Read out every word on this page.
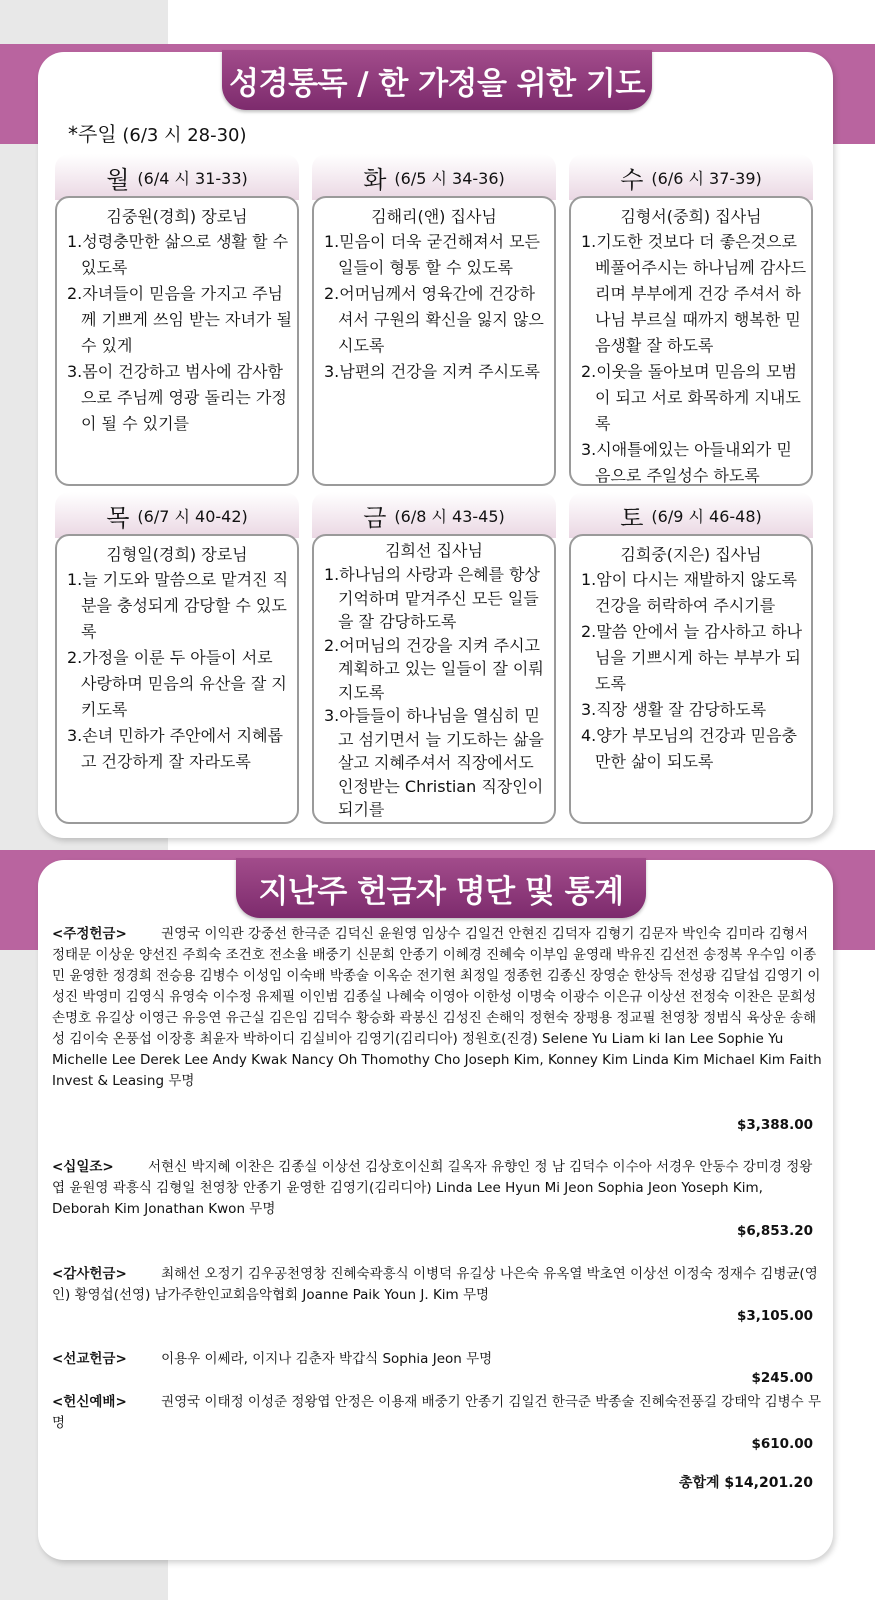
성경통독 / 한 가정을 위한 기도
*주일 (6/3 시 28-30)
월 (6/4 시 31-33)
김중원(경희) 장로님
1.성령충만한 삶으로 생활 할 수 있도록
2.자녀들이 믿음을 가지고 주님께 기쁘게 쓰임 받는 자녀가 될 수 있게
3.몸이 건강하고 범사에 감사함으로 주님께 영광 돌리는 가정이 될 수 있기를
화 (6/5 시 34-36)
김해리(앤) 집사님
1.믿음이 더욱 굳건해져서 모든 일들이 형통 할 수 있도록
2.어머님께서 영육간에 건강하셔서 구원의 확신을 잃지 않으시도록
3.남편의 건강을 지켜 주시도록
수 (6/6 시 37-39)
김형서(중희) 집사님
1.기도한 것보다 더 좋은것으로 베풀어주시는 하나님께 감사드리며 부부에게 건강 주셔서 하나님 부르실 때까지 행복한 믿음생활 잘 하도록
2.이웃을 돌아보며 믿음의 모범이 되고 서로 화목하게 지내도록
3.시애틀에있는 아들내외가 믿음으로 주일성수 하도록
목 (6/7 시 40-42)
김형일(경희) 장로님
1.늘 기도와 말씀으로 맡겨진 직분을 충성되게 감당할 수 있도록
2.가정을 이룬 두 아들이 서로 사랑하며 믿음의 유산을 잘 지키도록
3.손녀 민하가 주안에서 지혜롭고 건강하게 잘 자라도록
금 (6/8 시 43-45)
김희선 집사님
1.하나님의 사랑과 은혜를 항상 기억하며 맡겨주신 모든 일들을 잘 감당하도록
2.어머님의 건강을 지켜 주시고 계획하고 있는 일들이 잘 이뤄지도록
3.아들들이 하나님을 열심히 믿고 섬기면서 늘 기도하는 삶을 살고 지혜주셔서 직장에서도 인정받는 Christian 직장인이 되기를
토 (6/9 시 46-48)
김희중(지은) 집사님
1.암이 다시는 재발하지 않도록 건강을 허락하여 주시기를
2.말씀 안에서 늘 감사하고 하나님을 기쁘시게 하는 부부가 되도록
3.직장 생활 잘 감당하도록
4.양가 부모님의 건강과 믿음충만한 삶이 되도록
지난주 헌금자 명단 및 통계
<주정헌금>	권영국 이익관 강중선 한극준 김덕신 윤원영 임상수 김일건 안현진 김덕자 김형기 김문자 박인숙 김미라 김형서 정태문 이상운 양선진 주희숙 조건호 전소율 배중기 신문희 안종기 이혜경 진혜숙 이부임 윤영래 박유진 김선전 송정복 우수임 이종민 윤영한 정경희 전승용 김병수 이성임 이숙배 박종술 이옥순 전기현 최정일 정종헌 김종신 장영순 한상득 전성광 김달섭 김영기 이성진 박영미 김영식 유영숙 이수정 유제필 이인범 김종실 나혜숙 이영아 이한성 이명숙 이광수 이은규 이상선 전정숙 이찬은 문희성 손명호 유길상 이영근 유응연 유근실 김은임 김덕수 황승화 곽봉신 김성진 손해익 정현숙 장평용 정교필 천영창 정범식 육상운 송해성 김이숙 온풍섭 이장흥 최윤자 박하이디 김실비아 김영기(김리디아) 정원호(진경) Selene Yu Liam ki Ian Lee Sophie Yu Michelle Lee Derek Lee Andy Kwak Nancy Oh Thomothy Cho Joseph Kim, Konney Kim Linda Kim Michael Kim Faith Invest & Leasing 무명
$3,388.00
<십일조>	서현신 박지혜 이찬은 김종실 이상선 김상호이신희 길옥자 유향인 정 남 김덕수 이수아 서경우 안동수 강미경 정왕엽 윤원영 곽흥식 김형일 천영창 안종기 윤영한 김영기(김리디아) Linda Lee Hyun Mi Jeon Sophia Jeon Yoseph Kim, Deborah Kim Jonathan Kwon 무명
$6,853.20
<감사헌금>	최해선 오정기 김우공천영창 진혜숙곽흥식 이병덕 유길상 나은숙 유옥열 박초연 이상선 이정숙 정재수 김병균(영인) 황영섭(선영) 남가주한인교회음악협회 Joanne Paik Youn J. Kim 무명
$3,105.00
<선교헌금>	이용우 이쎄라, 이지나 김춘자 박갑식 Sophia Jeon 무명
$245.00
<헌신예배>	권영국 이태정 이성준 정왕엽 안정은 이용재 배중기 안종기 김일건 한극준 박종술 진혜숙전풍길 강태악 김병수 무명
$610.00
총합계 $14,201.20
